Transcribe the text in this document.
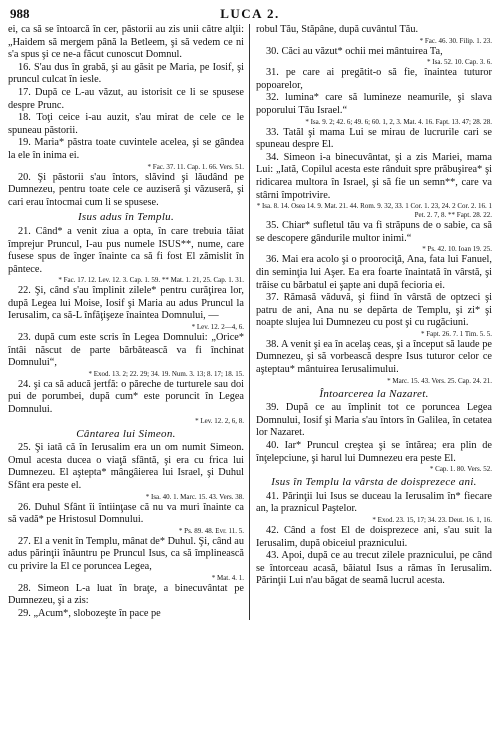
988	LUCA 2.

ei, ca să se întoarcă în cer, păstorii au zis unii către alţii: „Haidem să mergem până la Betleem, şi să vedem ce ni s'a spus şi ce ne-a făcut cunoscut Domnul.

16. S'au dus în grabă, şi au găsit pe Maria, pe Iosif, şi pruncul culcat în iesle.

17. După ce L-au văzut, au istorisit ce li se spusese despre Prunc.

18. Toţi ceice i-au auzit, s'au mirat de cele ce le spuneau păstorii.

19. Maria* păstra toate cuvintele acelea, şi se gândea la ele în inima ei.

* Fac. 37. 11. Cap. 1. 66. Vers. 51.

20. Şi păstorii s'au întors, slăvind şi lăudând pe Dumnezeu, pentru toate cele ce auziseră şi văzuseră, şi cari erau întocmai cum li se spusese.

Isus adus în Templu.

21. Când* a venit ziua a opta, în care trebuia tăiat împrejur Pruncul, I-au pus numele ISUS**, nume, care fusese spus de înger înainte ca să fi fost El zămislit în pântece.

* Fac. 17. 12. Lev. 12. 3. Cap. 1. 59. ** Mat. 1. 21, 25. Cap. 1. 31.

22. Şi, când s'au împlinit zilele* pentru curăţirea lor, după Legea lui Moise, Iosif şi Maria au adus Pruncul la Ierusalim, ca să-L înfăţişeze înaintea Domnului, —

* Lev. 12. 2—4, 6.

23. după cum este scris în Legea Domnului: „Orice* întâi născut de parte bărbătească va fi închinat Domnului“,

* Exod. 13. 2; 22. 29; 34. 19. Num. 3. 13; 8. 17; 18. 15.

24. şi ca să aducă jertfă: o păreche de turturele sau doi pui de porumbei, după cum* este poruncit în Legea Domnului.

* Lev. 12. 2, 6, 8.
Cântarea lui Simeon.

25. Şi iată că în Ierusalim era un om numit Simeon. Omul acesta ducea o viaţă sfântă, şi era cu frica lui Dumnezeu. El aştepta* mângâierea lui Israel, şi Duhul Sfânt era peste el.

* Isa. 40. 1. Marc. 15. 43. Vers. 38.

26. Duhul Sfânt îi întiinţase că nu va muri înainte ca să vadă* pe Hristosul Domnului.

* Ps. 89. 48. Evr. 11. 5.

27. El a venit în Templu, mânat de* Duhul. Şi, când au adus părinţii înăuntru pe Pruncul Isus, ca să împlinească cu privire la El ce poruncea Legea,

* Mat. 4. 1.

28. Simeon L-a luat în braţe, a binecuvântat pe Dumnezeu, şi a zis:

29. „Acum*, slobozeşte în pace pe

robul Tău, Stăpâne, după cuvântul Tău.

* Fac. 46. 30. Filip. 1. 23.

30. Căci au văzut* ochii mei mântuirea Ta,

* Isa. 52. 10. Cap. 3. 6.

31. pe care ai pregătit-o să fie, înaintea tuturor popoarelor,

32. lumina* care să lumineze neamurile, şi slava poporului Tău Israel.“

* Isa. 9. 2; 42. 6; 49. 6; 60. 1, 2, 3. Mat. 4. 16. Fapt. 13. 47; 28. 28.

33. Tatăl şi mama Lui se mirau de lucrurile cari se spuneau despre El.

34. Simeon i-a binecuvântat, şi a zis Mariei, mama Lui: „Iată, Copilul acesta este rânduit spre prăbuşirea* şi ridicarea multora în Israel, şi să fie un semn**, care va stârni împotrivire.

* Isa. 8. 14. Osea 14. 9. Mat. 21. 44. Rom. 9. 32, 33. 1 Cor. 1. 23, 24. 2 Cor. 2. 16. 1 Pet. 2. 7, 8. ** Fapt. 28. 22.

35. Chiar* sufletul tău va fi străpuns de o sabie, ca să se descopere gândurile multor inimi.“

* Ps. 42. 10. Ioan 19. 25.

36. Mai era acolo şi o proorociţă, Ana, fata lui Fanuel, din seminţia lui Aşer. Ea era foarte înaintată în vârstă, şi trăise cu bărbatul ei şapte ani după fecioria ei.

37. Rămasă văduvă, şi fiind în vârstă de optzeci şi patru de ani, Ana nu se depărta de Templu, şi zi* şi noapte slujea lui Dumnezeu cu post şi cu rugăciuni.

* Fapt. 26. 7. 1 Tim. 5. 5.

38. A venit şi ea în acelaş ceas, şi a început să laude pe Dumnezeu, şi să vorbească despre Isus tuturor celor ce aşteptau* mântuirea Ierusalimului.

* Marc. 15. 43. Vers. 25. Cap. 24. 21.
Întoarcerea la Nazaret.

39. După ce au împlinit tot ce poruncea Legea Domnului, Iosif şi Maria s'au întors în Galilea, în cetatea lor Nazaret.

40. Iar* Pruncul creştea şi se întărea; era plin de înţelepciune, şi harul lui Dumnezeu era peste El.

* Cap. 1. 80. Vers. 52.
Isus în Templu la vârsta de doisprezece ani.

41. Părinţii lui Isus se duceau la Ierusalim în* fiecare an, la praznicul Paştelor.

* Exod. 23. 15, 17; 34. 23. Deut. 16. 1, 16.

42. Când a fost El de doisprezece ani, s'au suit la Ierusalim, după obiceiul praznicului.

43. Apoi, după ce au trecut zilele praznicului, pe când se întorceau acasă, băiatul Isus a rămas în Ierusalim. Părinţii Lui n'au băgat de seamă lucrul acesta.
